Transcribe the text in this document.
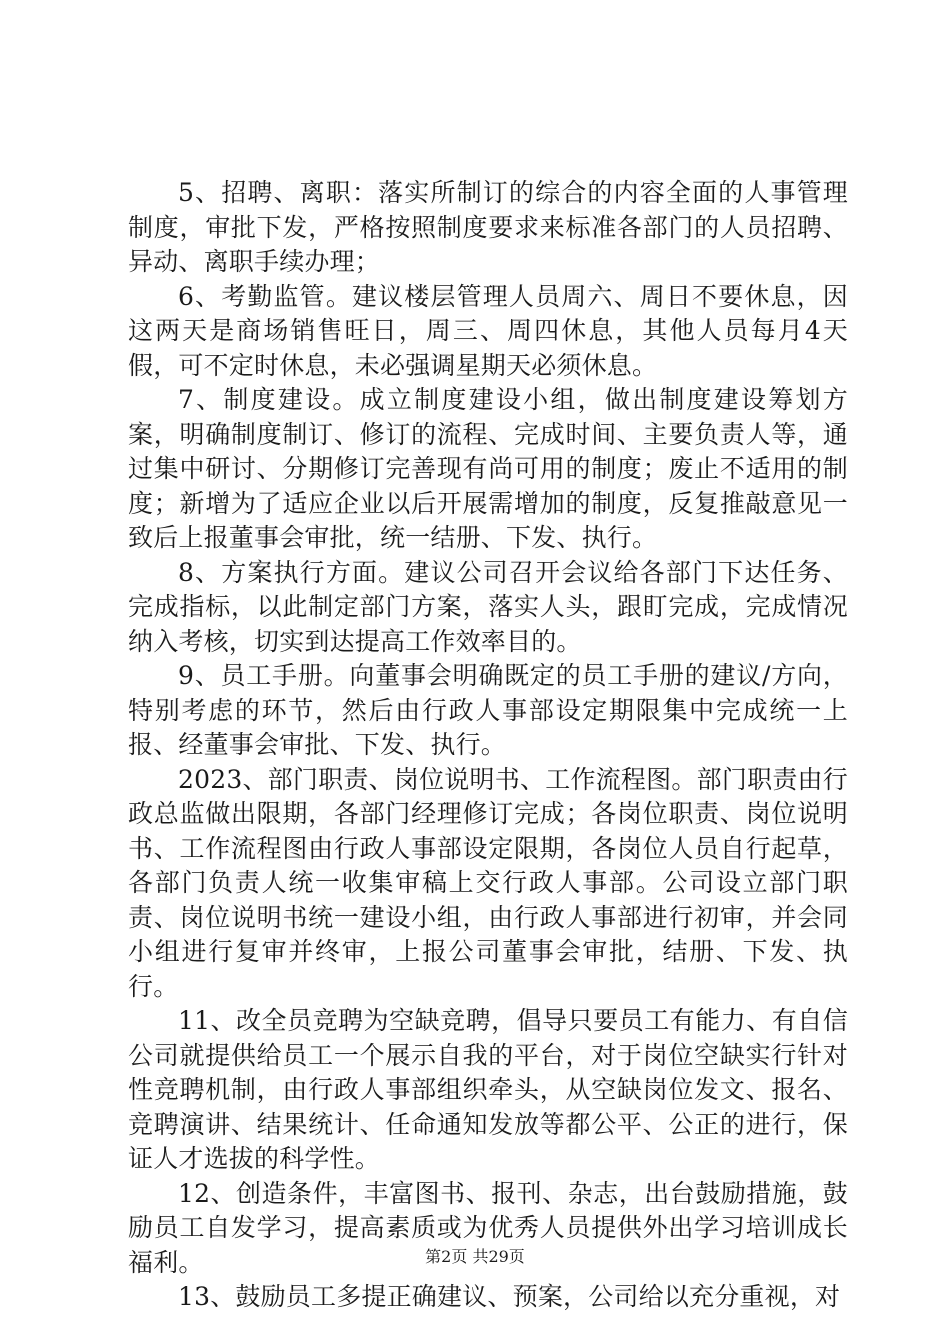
5、招聘、离职：落实所制订的综合的内容全面的人事管理制度，审批下发，严格按照制度要求来标准各部门的人员招聘、异动、离职手续办理；

6、考勤监管。建议楼层管理人员周六、周日不要休息，因这两天是商场销售旺日，周三、周四休息，其他人员每月4天假，可不定时休息，未必强调星期天必须休息。

7、制度建设。成立制度建设小组，做出制度建设筹划方案，明确制度制订、修订的流程、完成时间、主要负责人等，通过集中研讨、分期修订完善现有尚可用的制度；废止不适用的制度；新增为了适应企业以后开展需增加的制度，反复推敲意见一致后上报董事会审批，统一结册、下发、执行。

8、方案执行方面。建议公司召开会议给各部门下达任务、完成指标，以此制定部门方案，落实人头，跟盯完成，完成情况纳入考核，切实到达提高工作效率目的。

9、员工手册。向董事会明确既定的员工手册的建议/方向，特别考虑的环节，然后由行政人事部设定期限集中完成统一上报、经董事会审批、下发、执行。

2023、部门职责、岗位说明书、工作流程图。部门职责由行政总监做出限期，各部门经理修订完成；各岗位职责、岗位说明书、工作流程图由行政人事部设定限期，各岗位人员自行起草，各部门负责人统一收集审稿上交行政人事部。公司设立部门职责、岗位说明书统一建设小组，由行政人事部进行初审，并会同小组进行复审并终审，上报公司董事会审批，结册、下发、执行。

11、改全员竞聘为空缺竞聘，倡导只要员工有能力、有自信公司就提供给员工一个展示自我的平台，对于岗位空缺实行针对性竞聘机制，由行政人事部组织牵头，从空缺岗位发文、报名、竞聘演讲、结果统计、任命通知发放等都公平、公正的进行，保证人才选拔的科学性。

12、创造条件，丰富图书、报刊、杂志，出台鼓励措施，鼓励员工自发学习，提高素质或为优秀人员提供外出学习培训成长福利。

13、鼓励员工多提正确建议、预案，公司给以充分重视，对

第2页 共29页
